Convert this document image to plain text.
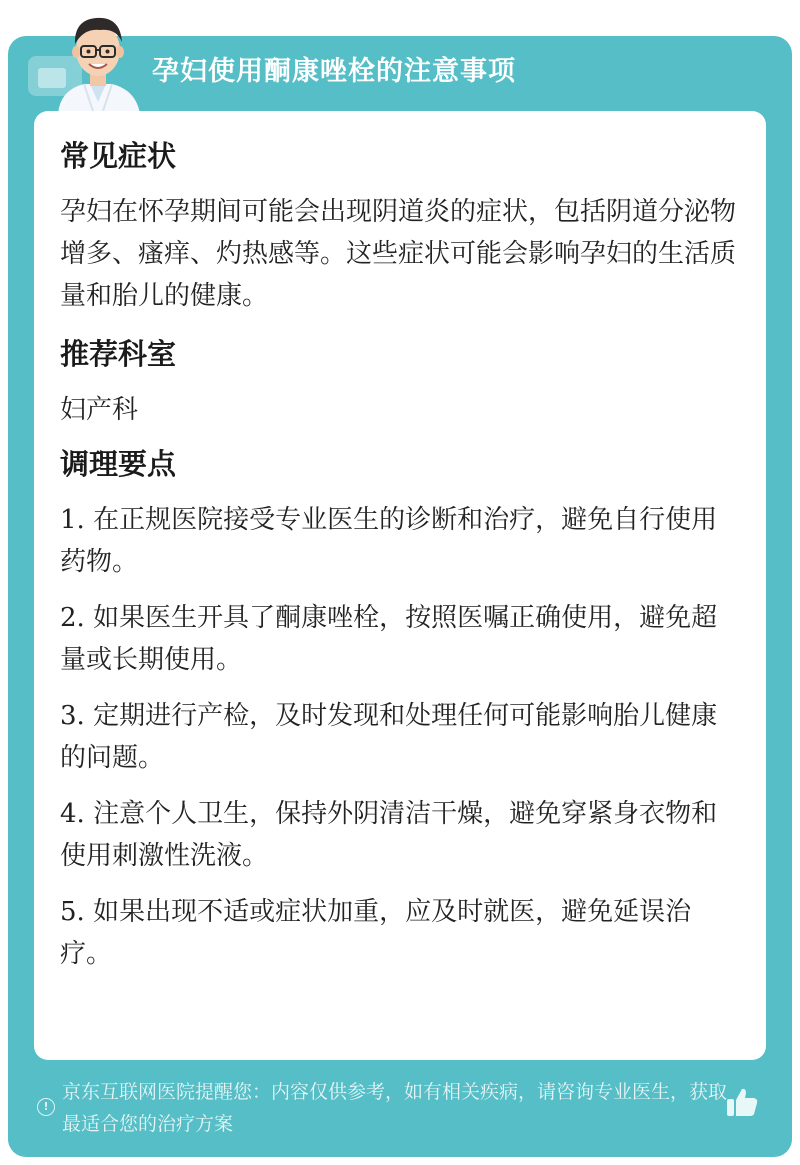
孕妇使用酮康唑栓的注意事项
常见症状
孕妇在怀孕期间可能会出现阴道炎的症状，包括阴道分泌物增多、瘙痒、灼热感等。这些症状可能会影响孕妇的生活质量和胎儿的健康。
推荐科室
妇产科
调理要点
1. 在正规医院接受专业医生的诊断和治疗，避免自行使用药物。
2. 如果医生开具了酮康唑栓，按照医嘱正确使用，避免超量或长期使用。
3. 定期进行产检，及时发现和处理任何可能影响胎儿健康的问题。
4. 注意个人卫生，保持外阴清洁干燥，避免穿紧身衣物和使用刺激性洗液。
5. 如果出现不适或症状加重，应及时就医，避免延误治疗。
!
京东互联网医院提醒您：内容仅供参考，如有相关疾病，请咨询专业医生，获取最适合您的治疗方案
